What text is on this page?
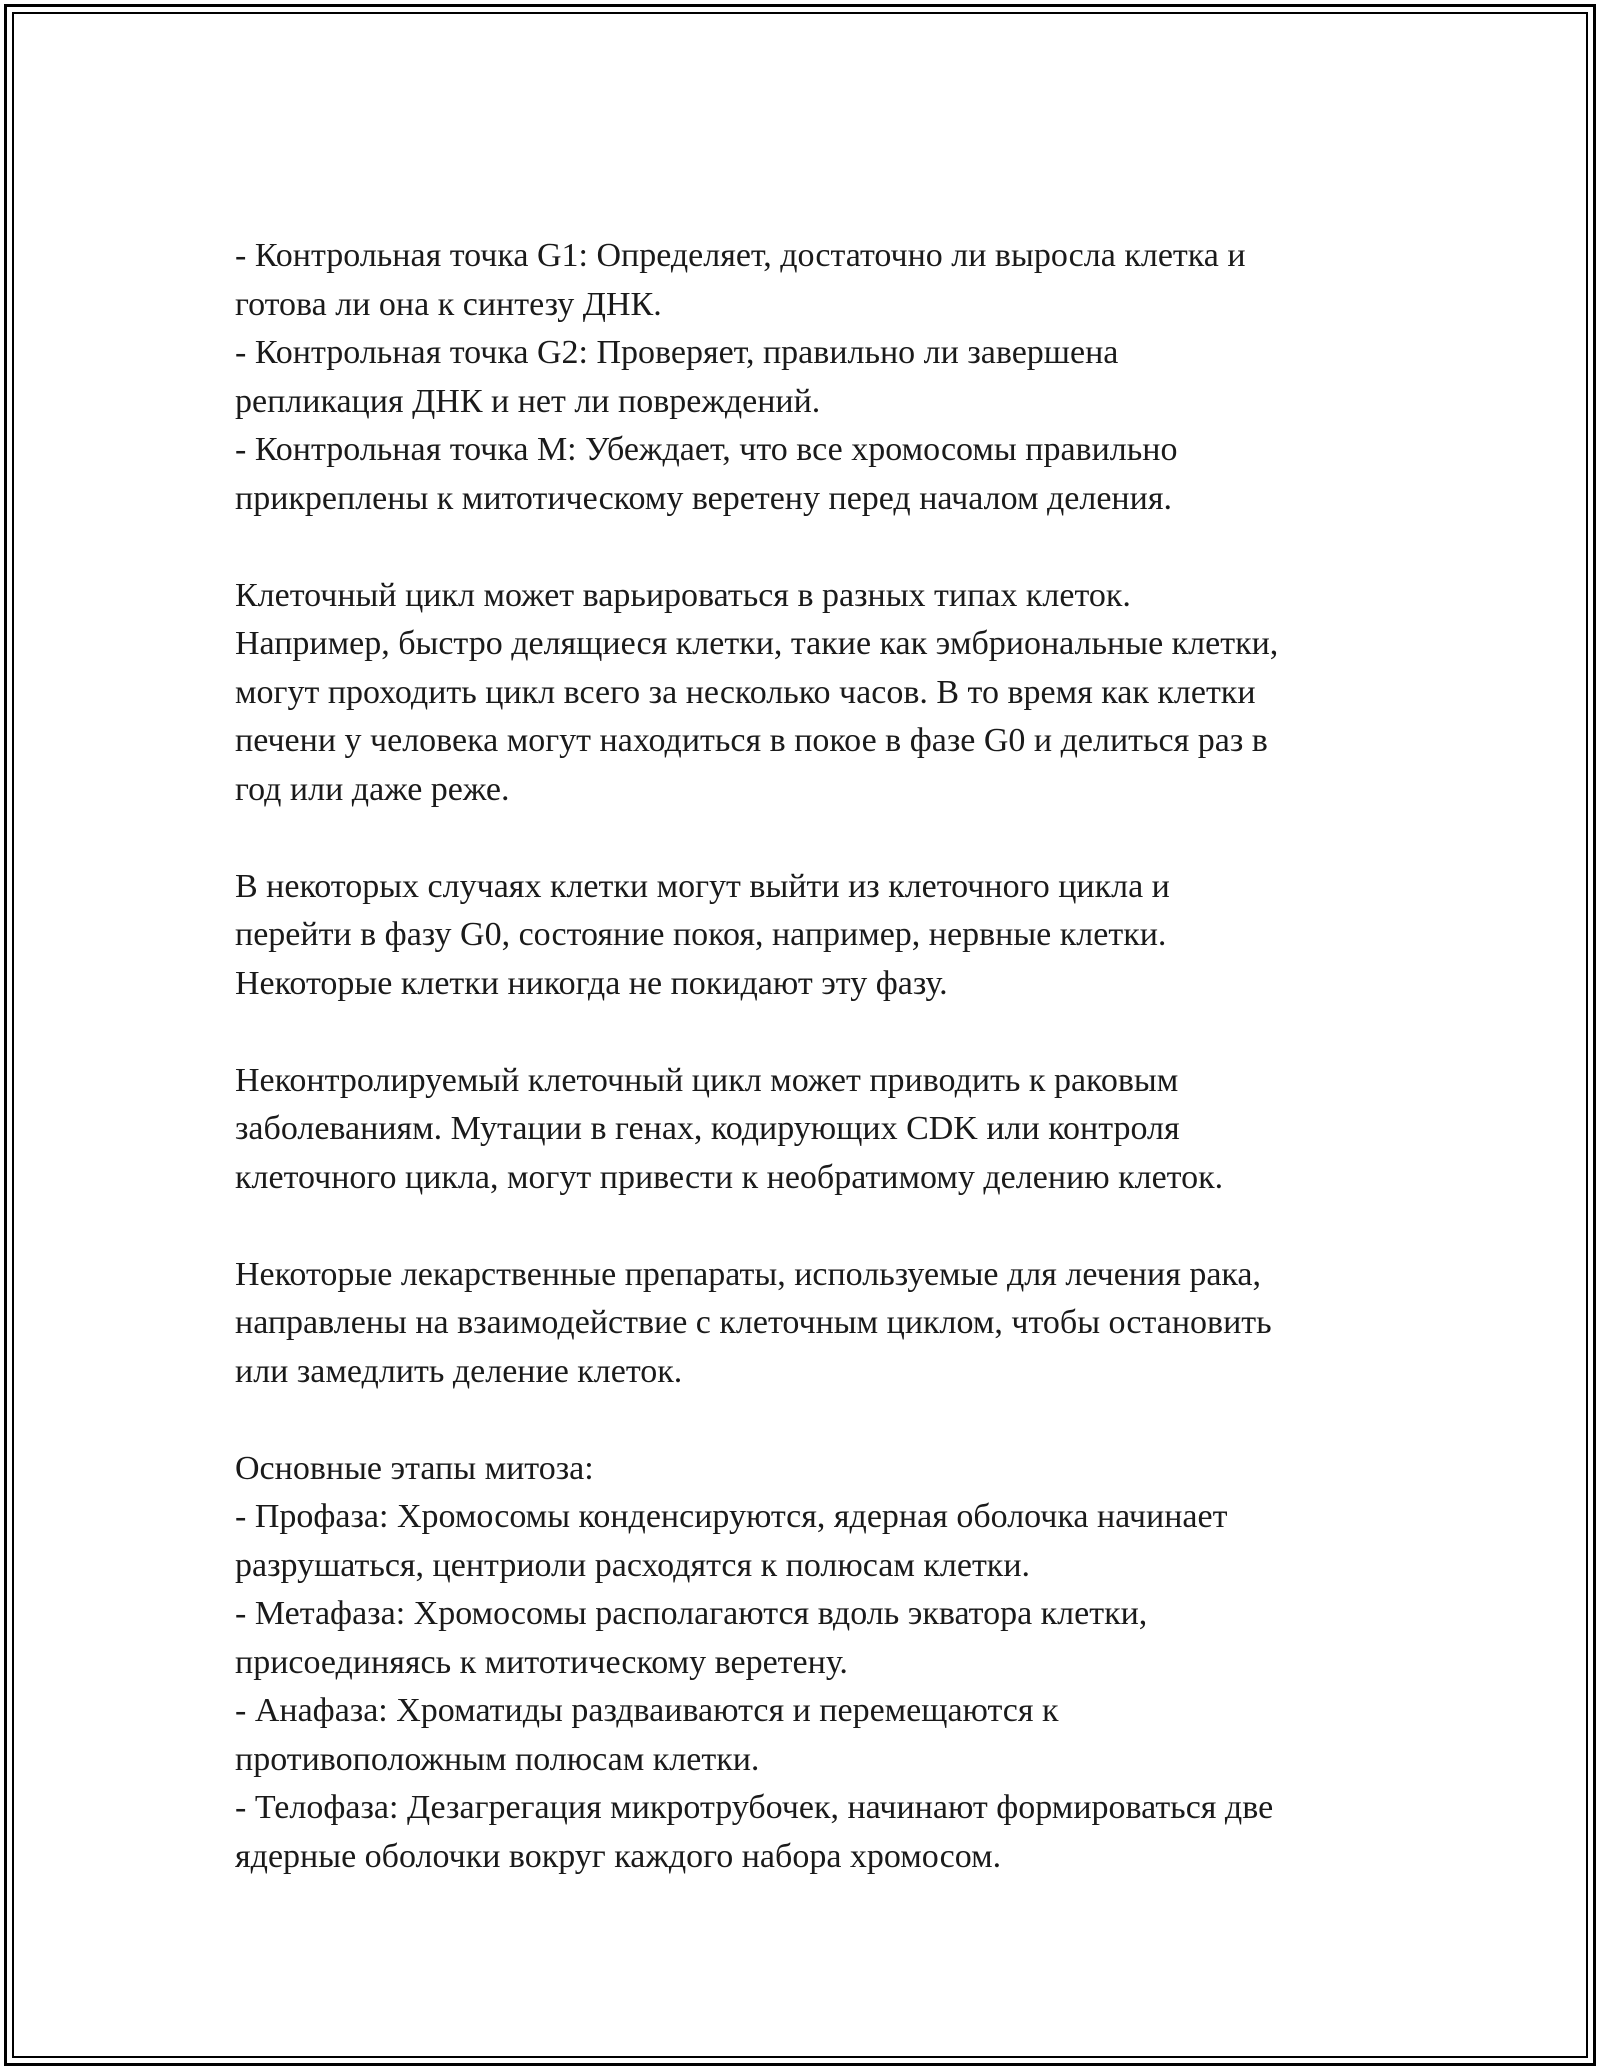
- Контрольная точка G1: Определяет, достаточно ли выросла клетка и

готова ли она к синтезу ДНК.

- Контрольная точка G2: Проверяет, правильно ли завершена

репликация ДНК и нет ли повреждений.

- Контрольная точка М: Убеждает, что все хромосомы правильно

прикреплены к митотическому веретену перед началом деления.

Клеточный цикл может варьироваться в разных типах клеток.

Например, быстро делящиеся клетки, такие как эмбриональные клетки,

могут проходить цикл всего за несколько часов. В то время как клетки

печени у человека могут находиться в покое в фазе G0 и делиться раз в

год или даже реже.

В некоторых случаях клетки могут выйти из клеточного цикла и

перейти в фазу G0, состояние покоя, например, нервные клетки.

Некоторые клетки никогда не покидают эту фазу.

Неконтролируемый клеточный цикл может приводить к раковым

заболеваниям. Мутации в генах, кодирующих CDK или контроля

клеточного цикла, могут привести к необратимому делению клеток.

Некоторые лекарственные препараты, используемые для лечения рака,

направлены на взаимодействие с клеточным циклом, чтобы остановить

или замедлить деление клеток.

Основные этапы митоза:

- Профаза: Хромосомы конденсируются, ядерная оболочка начинает

разрушаться, центриоли расходятся к полюсам клетки.

- Метафаза: Хромосомы располагаются вдоль экватора клетки,

присоединяясь к митотическому веретену.

- Анафаза: Хроматиды раздваиваются и перемещаются к

противоположным полюсам клетки.

- Телофаза: Дезагрегация микротрубочек, начинают формироваться две

ядерные оболочки вокруг каждого набора хромосом.
